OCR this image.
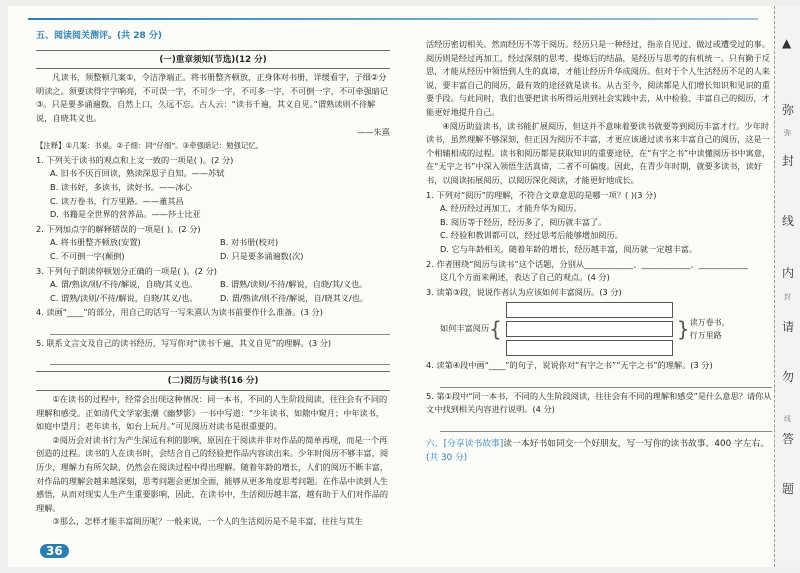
五、阅读阅关测评。(共 28 分)
(一)重章须知(节选)(12 分)

凡读书，须整顿几案①，令洁净端正。将书册整齐顿放，正身体对书册，详缓看字，子细②分明读之。须要读得字字响亮，不可误一字，不可少一字，不可多一字，不可倒一字，不可牵强暗记③。只是要多诵遍数，自然上口，久远不忘。古人云：“读书千遍，其义自见。”谓熟读则不待解说，自晓其义也。

——朱熹
【注释】①几案：书桌。②子细：同“仔细”。③牵强暗记：勉强记忆。
1. 下列关于读书的观点和上文一致的一项是( )。(2 分)
A. 旧书不厌百回读，熟读深思子自知。——苏轼
B. 读书好，多读书，读好书。——冰心
C. 读万卷书，行万里路。——董其昌
D. 书籍是全世界的营养品。——莎士比亚
2. 下列加点字的解释错误的一项是( )。(2 分)
A. 将书册整齐顿放(安置)	B. 对书册(校对)
C. 不可倒一字(颠倒)	D. 只是要多诵遍数(次)
3. 下列句子朗读停顿划分正确的一项是( )。(2 分)
A. 谓/熟读/则/不待/解说，自晓/其义也。	B. 谓熟/读则/不待/解说，自晓/其/义也。
C. 谓熟/读则/不待/解说，自晓/其义/也。	D. 谓/熟读/则不待/解说，自/晓其义/也。
4. 读画“____”的部分，用自己的话写一写朱熹认为读书前要作什么准备。(3 分)
5. 联系文言文及自己的读书经历，写写你对“读书千遍，其义自见”的理解。(3 分)
(二)阅历与读书(16 分)

①在读书的过程中，经常会出现这种情况：同一本书，不同的人生阶段阅读，往往会有不同的理解和感受。正如清代文学家张潮《幽梦影》一书中写道：“少年读书，如隙中窥月；中年读书，如庭中望月；老年读书，如台上玩月。”可见阅历对读书是很重要的。

②阅历会对读书行为产生深远有利的影响，原因在于阅读并非对作品的简单再现，而是一个再创造的过程。读书的人在读书时，会结合自己的经验把作品内容读出来。少年时阅历不够丰富，阅历少，理解力有所欠缺，仍然会在阅读过程中得出理解。随着年龄的增长，人们的阅历不断丰富，对作品的理解会越来越深刻，思考问题会更加全面，能够从更多角度思考问题。在作品中读到人生感悟，从而对现实人生产生重要影响，因此，在读书中，生活阅历越丰富，越有助于人们对作品的理解。

③那么，怎样才能丰富阅历呢？一般来说，一个人的生活阅历是不是丰富，往往与其生

活经历密切相关。然而经历不等于阅历。经历只是一种经过，指亲自见过、做过或遭受过的事。阅历则是经过再加工，经过深刻的思考、提炼后的结晶，是经历与思考的有机统一。只有勤于反思，才能从经历中领悟到人生的真谛，才能让经历升华成阅历。但对于个人生活经历不足的人来说，要丰富自己的阅历，最有效的途径就是读书。从古至今，阅读都是人们增长知识和见识的重要手段。与此同时，我们也要把读书所得运用到社会实践中去，从中检验、丰富自己的阅历，才能更好地提升自己。

④阅历助益读书，读书能扩展阅历，但这并不意味着要读书就要等到阅历丰富才行。少年时读书，虽然理解不够深刻，但正因为阅历不丰富，才更应该通过读书来丰富自己的阅历，这是一个相辅相成的过程。读书和阅历都是获取知识的重要途径，在“有字之书”中读懂阅历书中寓意，在“无字之书”中深入领悟生活真谛，二者不可偏废。因此，在青少年时期，就要多读书，读好书，以阅读拓展阅历，以阅历深化阅读，才能更好地成长。

1. 下列对“阅历”的理解，不符合文章意思的是哪一项？( )(3 分)
A. 经历经过再加工，才能升华为阅历。
B. 阅历等于经历，经历多了，阅历就丰富了。
C. 经验和教训都可以，经过思考后能够增加阅历。
D. 它与年龄相关，随着年龄的增长，经历越丰富，阅历就一定越丰富。
2. 作者围绕“阅历与读书”这个话题，分别从____________、____________、____________
这几个方面来阐述，表达了自己的观点。(4 分)
3. 读第③段，说说作者认为应该如何丰富阅历。(3 分)
如何丰富阅历 {	} 读万卷书，
行万里路
4. 读第④段中画“____”的句子，说说你对“有字之书”“无字之书”的理解。(3 分)
5. 第①段中“同一本书，不同的人生阶段阅读，往往会有不同的理解和感受”是什么意思？请你从文中找到相关内容进行说明。(4 分)
六、[分享读书故事]读一本好书如同交一个好朋友，写一写你的读书故事。400 字左右。 (共 30 分)
36
▲
弥
弥
封
线
内
封
请
勿
线
答
题
